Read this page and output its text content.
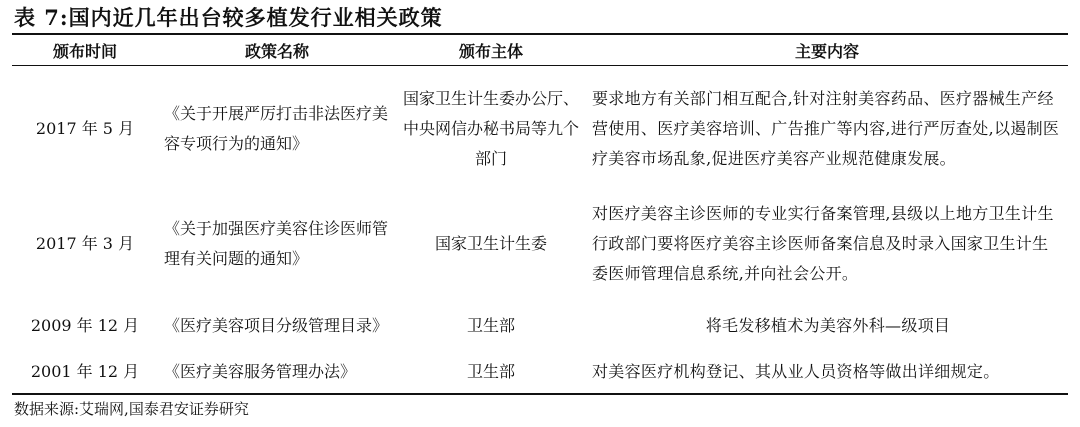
表 7:国内近几年出台较多植发行业相关政策
颁布时间	政策名称	颁布主体	主要内容
2017 年 5 月	《关于开展严厉打击非法医疗美容专项行为的通知》	国家卫生计生委办公厅、中央网信办秘书局等九个部门	要求地方有关部门相互配合,针对注射美容药品、医疗器械生产经营使用、医疗美容培训、广告推广等内容,进行严厉查处,以遏制医疗美容市场乱象,促进医疗美容产业规范健康发展。
2017 年 3 月	《关于加强医疗美容住诊医师管理有关问题的通知》	国家卫生计生委	对医疗美容主诊医师的专业实行备案管理,县级以上地方卫生计生行政部门要将医疗美容主诊医师备案信息及时录入国家卫生计生委医师管理信息系统,并向社会公开。
2009 年 12 月	《医疗美容项目分级管理目录》	卫生部	将毛发移植术为美容外科—级项目
2001 年 12 月	《医疗美容服务管理办法》	卫生部	对美容医疗机构登记、其从业人员资格等做出详细规定。
数据来源:艾瑞网,国泰君安证券研究
